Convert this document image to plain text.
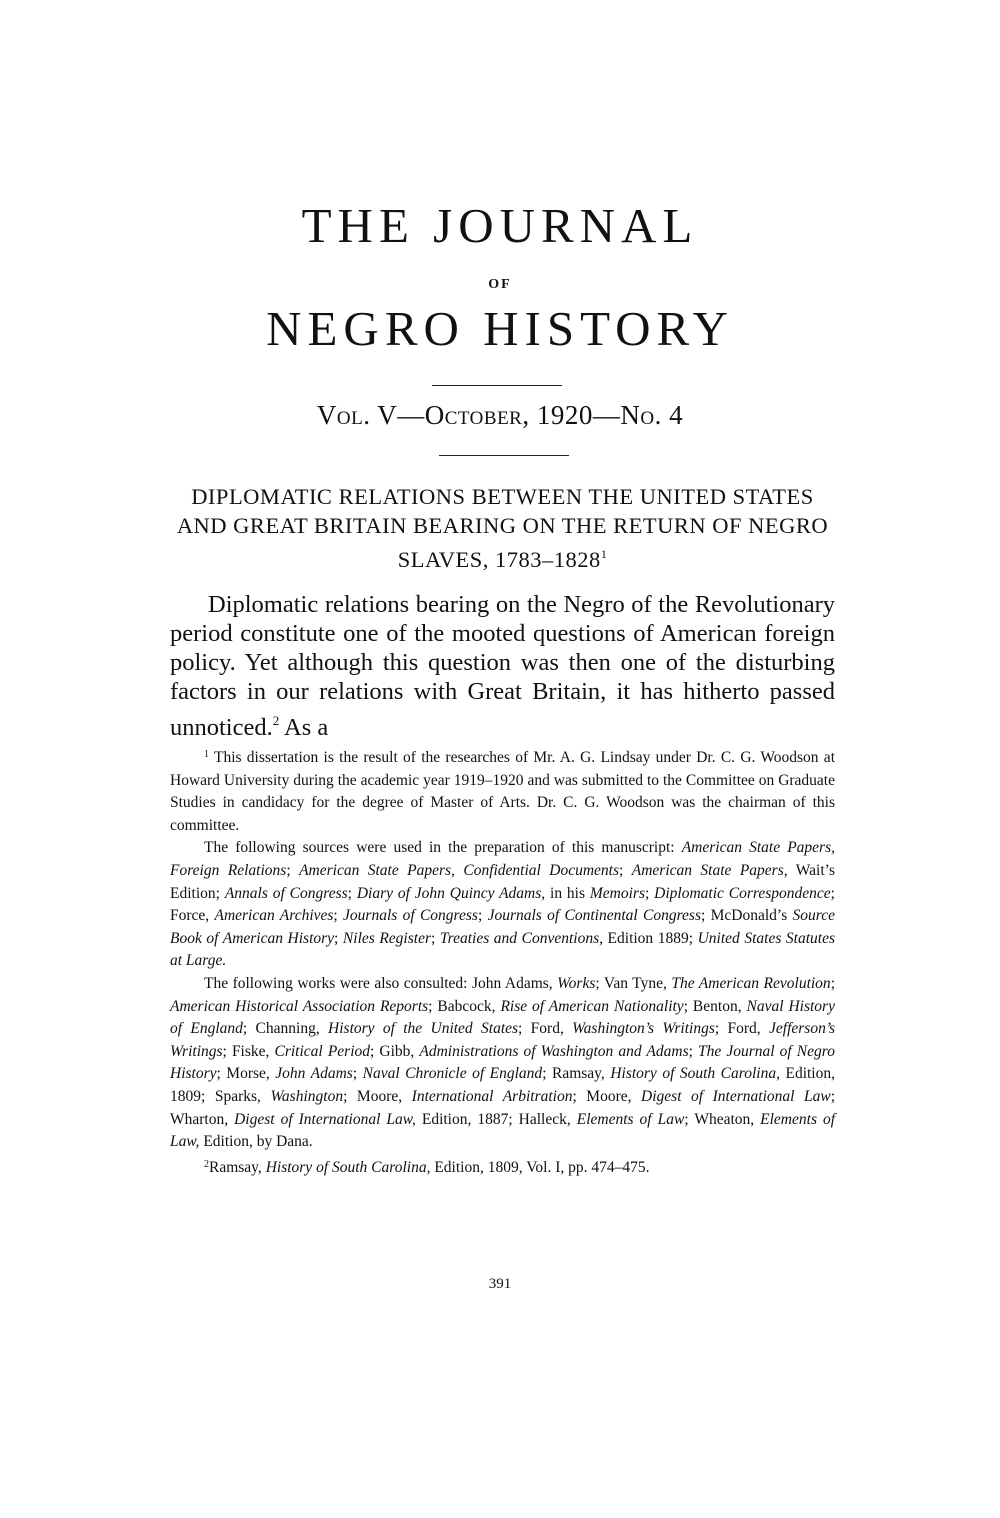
THE JOURNAL
OF
NEGRO HISTORY
Vol. V—October, 1920—No. 4
DIPLOMATIC RELATIONS BETWEEN THE UNITED STATES AND GREAT BRITAIN BEARING ON THE RETURN OF NEGRO SLAVES, 1783–1828$^1$

Diplomatic relations bearing on the Negro of the Revolutionary period constitute one of the mooted questions of American foreign policy. Yet although this question was then one of the disturbing factors in our relations with Great Britain, it has hitherto passed unnoticed.$^2$ As a

$^1$ This dissertation is the result of the researches of Mr. A. G. Lindsay under Dr. C. G. Woodson at Howard University during the academic year 1919–1920 and was submitted to the Committee on Graduate Studies in candidacy for the degree of Master of Arts. Dr. C. G. Woodson was the chairman of this committee.

The following sources were used in the preparation of this manuscript: American State Papers, Foreign Relations; American State Papers, Confidential Documents; American State Papers, Wait’s Edition; Annals of Congress; Diary of John Quincy Adams, in his Memoirs; Diplomatic Correspondence; Force, American Archives; Journals of Congress; Journals of Continental Congress; McDonald’s Source Book of American History; Niles Register; Treaties and Conventions, Edition 1889; United States Statutes at Large.

The following works were also consulted: John Adams, Works; Van Tyne, The American Revolution; American Historical Association Reports; Babcock, Rise of American Nationality; Benton, Naval History of England; Channing, History of the United States; Ford, Washington’s Writings; Ford, Jefferson’s Writings; Fiske, Critical Period; Gibb, Administrations of Washington and Adams; The Journal of Negro History; Morse, John Adams; Naval Chronicle of England; Ramsay, History of South Carolina, Edition, 1809; Sparks, Washington; Moore, International Arbitration; Moore, Digest of International Law; Wharton, Digest of International Law, Edition, 1887; Halleck, Elements of Law; Wheaton, Elements of Law, Edition, by Dana.

$^2$Ramsay, History of South Carolina, Edition, 1809, Vol. I, pp. 474–475.

391
